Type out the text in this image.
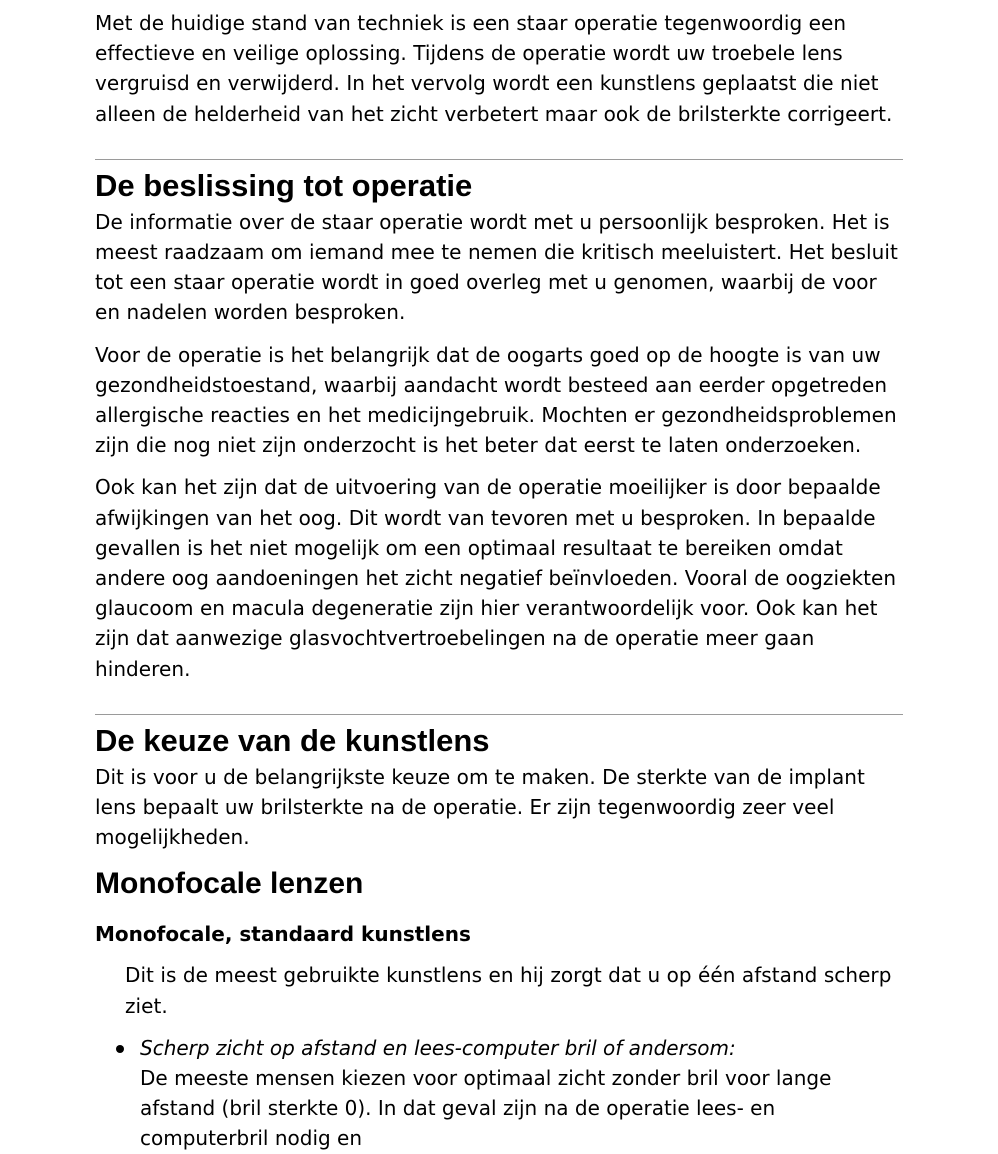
Met de huidige stand van techniek is een staar operatie tegenwoordig een effectieve en veilige oplossing. Tijdens de operatie wordt uw troebele lens vergruisd en verwijderd. In het vervolg wordt een kunstlens geplaatst die niet alleen de helderheid van het zicht verbetert maar ook de brilsterkte corrigeert.

De beslissing tot operatie

De informatie over de staar operatie wordt met u persoonlijk besproken. Het is meest raadzaam om iemand mee te nemen die kritisch meeluistert. Het besluit tot een staar operatie wordt in goed overleg met u genomen, waarbij de voor en nadelen worden besproken.

Voor de operatie is het belangrijk dat de oogarts goed op de hoogte is van uw gezondheidstoestand, waarbij aandacht wordt besteed aan eerder opgetreden allergische reacties en het medicijngebruik. Mochten er gezondheidsproblemen zijn die nog niet zijn onderzocht is het beter dat eerst te laten onderzoeken.

Ook kan het zijn dat de uitvoering van de operatie moeilijker is door bepaalde afwijkingen van het oog. Dit wordt van tevoren met u besproken. In bepaalde gevallen is het niet mogelijk om een optimaal resultaat te bereiken omdat andere oog aandoeningen het zicht negatief beïnvloeden. Vooral de oogziekten glaucoom en macula degeneratie zijn hier verantwoordelijk voor. Ook kan het zijn dat aanwezige glasvochtvertroebelingen na de operatie meer gaan hinderen.

De keuze van de kunstlens

Dit is voor u de belangrijkste keuze om te maken. De sterkte van de implant lens bepaalt uw brilsterkte na de operatie. Er zijn tegenwoordig zeer veel mogelijkheden.

Monofocale lenzen
Monofocale, standaard kunstlens

Dit is de meest gebruikte kunstlens en hij zorgt dat u op één afstand scherp ziet.

Scherp zicht op afstand en lees-computer bril of andersom:
De meeste mensen kiezen voor optimaal zicht zonder bril voor lange afstand (bril sterkte 0). In dat geval zijn na de operatie lees- en computerbril nodig en
